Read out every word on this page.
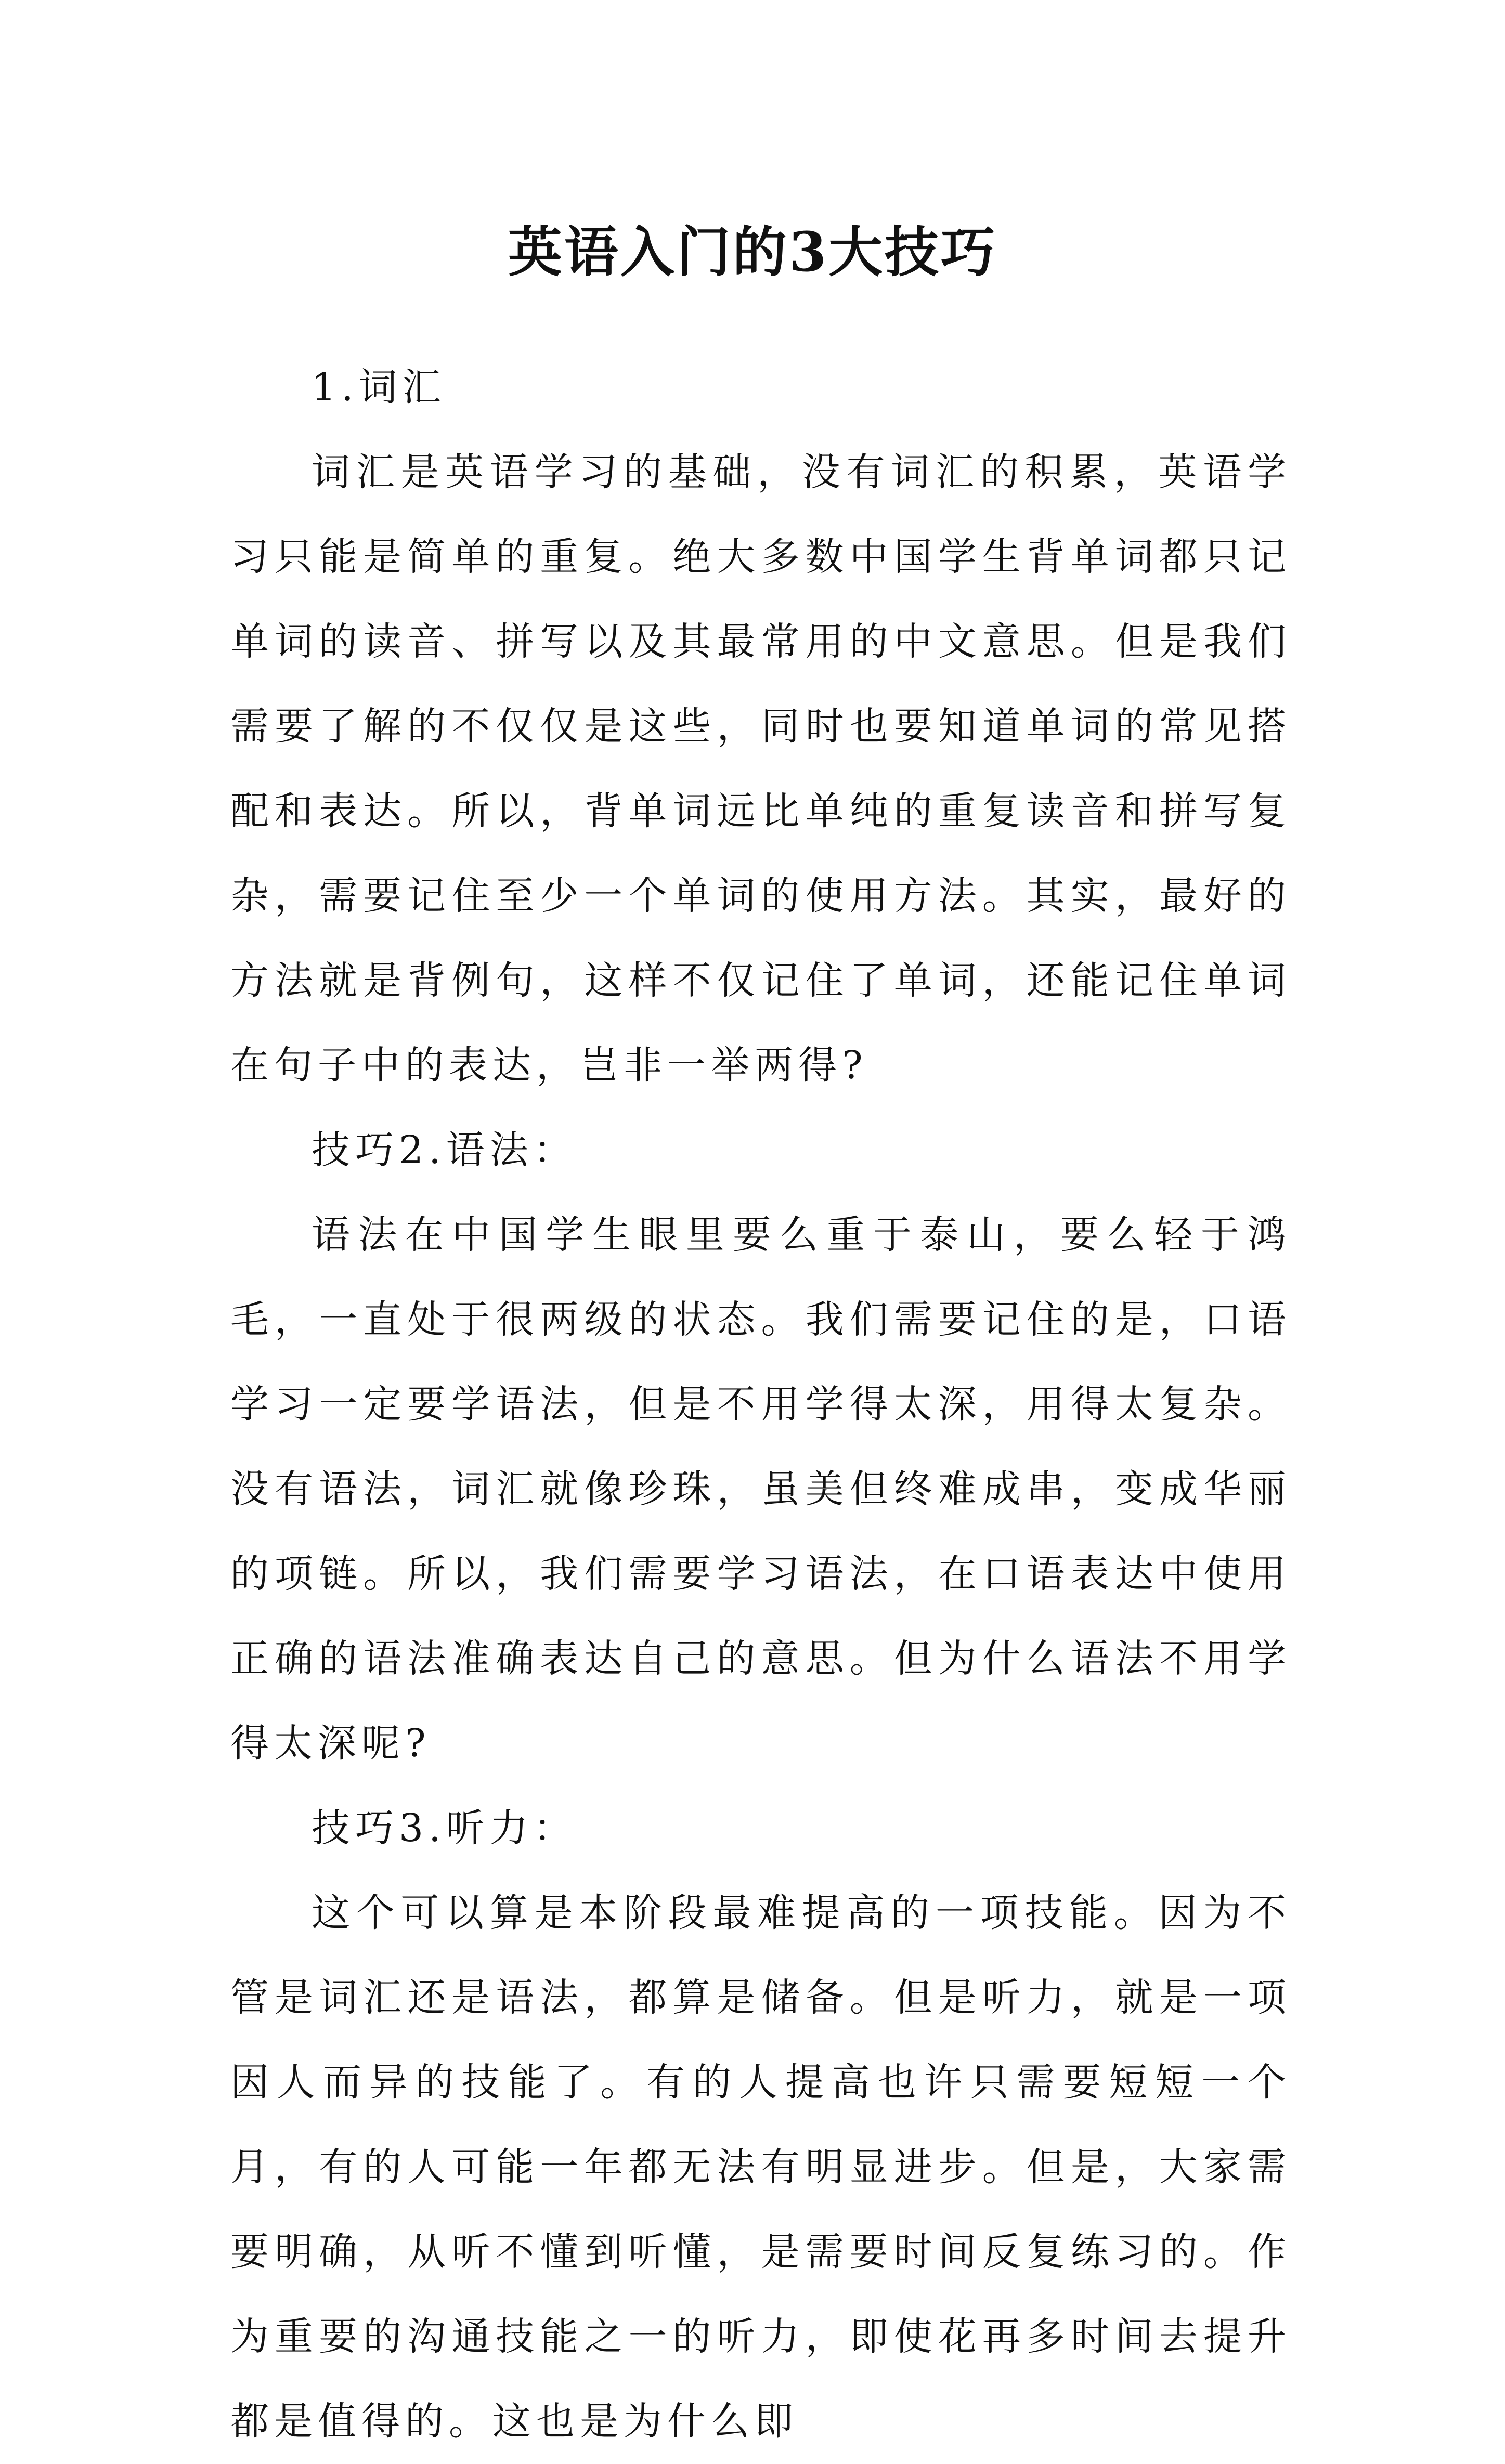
英语入门的3大技巧

1.词汇

词汇是英语学习的基础，没有词汇的积累，英语学习只能是简单的重复。绝大多数中国学生背单词都只记单词的读音、拼写以及其最常用的中文意思。但是我们需要了解的不仅仅是这些，同时也要知道单词的常见搭配和表达。所以，背单词远比单纯的重复读音和拼写复杂，需要记住至少一个单词的使用方法。其实，最好的方法就是背例句，这样不仅记住了单词，还能记住单词在句子中的表达，岂非一举两得?

技巧2.语法：

语法在中国学生眼里要么重于泰山，要么轻于鸿毛，一直处于很两级的状态。我们需要记住的是，口语学习一定要学语法，但是不用学得太深，用得太复杂。没有语法，词汇就像珍珠，虽美但终难成串，变成华丽的项链。所以，我们需要学习语法，在口语表达中使用正确的语法准确表达自己的意思。但为什么语法不用学得太深呢?

技巧3.听力：

这个可以算是本阶段最难提高的一项技能。因为不管是词汇还是语法，都算是储备。但是听力，就是一项因人而异的技能了。有的人提高也许只需要短短一个月，有的人可能一年都无法有明显进步。但是，大家需要明确，从听不懂到听懂，是需要时间反复练习的。作为重要的沟通技能之一的听力，即使花再多时间去提升都是值得的。这也是为什么即
